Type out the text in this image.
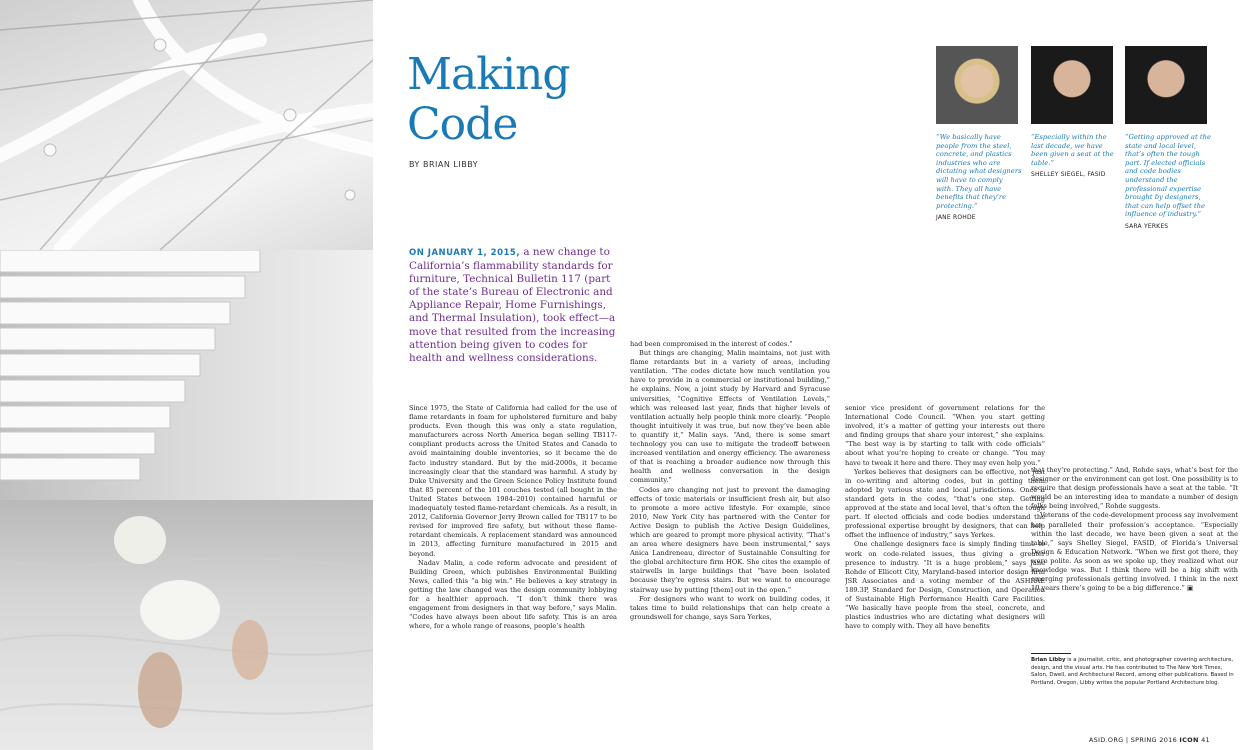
Making
Code
BY BRIAN LIBBY
ON JANUARY 1, 2015, a new change to California’s flammability standards for furniture, Technical Bulletin 117 (part of the state’s Bureau of Electronic and Appliance Repair, Home Furnishings, and Thermal Insulation), took effect—a move that resulted from the increasing attention being given to codes for health and wellness considerations.

Since 1975, the State of California had called for the use of flame retardants in foam for upholstered furniture and baby products. Even though this was only a state regulation, manufacturers across North America began selling TB117-compliant products across the United States and Canada to avoid maintaining double inventories, so it became the de facto industry standard. But by the mid-2000s, it became increasingly clear that the standard was harmful. A study by Duke University and the Green Science Policy Institute found that 85 percent of the 101 couches tested (all bought in the United States between 1984–2010) contained harmful or inadequately tested flame-retardant chemicals. As a result, in 2012, California Governor Jerry Brown called for TB117 to be revised for improved fire safety, but without these flame-retardant chemicals. A replacement standard was announced in 2013, affecting furniture manufactured in 2015 and beyond.

Nadav Malin, a code reform advocate and president of Building Green, which publishes Environmental Building News, called this “a big win.” He believes a key strategy in getting the law changed was the design community lobbying for a healthier approach. “I don’t think there was engagement from designers in that way before,” says Malin. “Codes have always been about life safety. This is an area where, for a whole range of reasons, people’s health

had been compromised in the interest of codes.”

But things are changing, Malin maintains, not just with flame retardants but in a variety of areas, including ventilation. “The codes dictate how much ventilation you have to provide in a commercial or institutional building,” he explains. Now, a joint study by Harvard and Syracuse universities, “Cognitive Effects of Ventilation Levels,” which was released last year, finds that higher levels of ventilation actually help people think more clearly. “People thought intuitively it was true, but now they’ve been able to quantify it,” Malin says. “And, there is some smart technology you can use to mitigate the tradeoff between increased ventilation and energy efficiency. The awareness of that is reaching a broader audience now through this health and wellness conversation in the design community.”

Codes are changing not just to prevent the damaging effects of toxic materials or insufficient fresh air, but also to promote a more active lifestyle. For example, since 2010, New York City has partnered with the Center for Active Design to publish the Active Design Guidelines, which are geared to prompt more physical activity. “That’s an area where designers have been instrumental,” says Anica Landreneau, director of Sustainable Consulting for the global architecture firm HOK. She cites the example of stairwells in large buildings that “have been isolated because they’re egress stairs. But we want to encourage stairway use by putting [them] out in the open.”

For designers who want to work on building codes, it takes time to build relationships that can help create a groundswell for change, says Sara Yerkes,

senior vice president of government relations for the International Code Council. “When you start getting involved, it’s a matter of getting your interests out there and finding groups that share your interest,” she explains. “The best way is by starting to talk with code officials” about what you’re hoping to create or change. “You may have to tweak it here and there. They may even help you.”

Yerkes believes that designers can be effective, not just in co-writing and altering codes, but in getting them adopted by various state and local jurisdictions. Once a standard gets in the codes, “that’s one step. Getting approved at the state and local level, that’s often the tough part. If elected officials and code bodies understand the professional expertise brought by designers, that can help offset the influence of industry,” says Yerkes.

One challenge designers face is simply finding time to work on code-related issues, thus giving a greater presence to industry. “It is a huge problem,” says Jane Rohde of Ellicott City, Maryland-based interior design firm JSR Associates and a voting member of the ASHRAE 189.3P, Standard for Design, Construction, and Operation of Sustainable High Performance Health Care Facilities. “We basically have people from the steel, concrete, and plastics industries who are dictating what designers will have to comply with. They all have benefits

that they’re protecting.” And, Rohde says, what’s best for the designer or the environment can get lost. One possibility is to require that design professionals have a seat at the table. “It would be an interesting idea to mandate a number of design folks being involved,” Rohde suggests.

Veterans of the code-development process say involvement has paralleled their profession’s acceptance. “Especially within the last decade, we have been given a seat at the table,” says Shelley Siegel, FASID, of Florida’s Universal Design & Education Network. “When we first got there, they were polite. As soon as we spoke up, they realized what our knowledge was. But I think there will be a big shift with emerging professionals getting involved. I think in the next 10 years there’s going to be a big difference.” ▣

Brian Libby is a journalist, critic, and photographer covering architecture, design, and the visual arts. He has contributed to The New York Times, Salon, Dwell, and Architectural Record, among other publications. Based in Portland, Oregon, Libby writes the popular Portland Architecture blog.
“We basically have people from the steel, concrete, and plastics industries who are dictating what designers will have to comply with. They all have benefits that they’re protecting.”
JANE ROHDE
“Especially within the last decade, we have been given a seat at the table.”
SHELLEY SIEGEL, FASID
“Getting approved at the state and local level, that’s often the tough part. If elected officials and code bodies understand the professional expertise brought by designers, that can help offset the influence of industry.”
SARA YERKES
ASID.ORG | SPRING 2016 ICON 41
